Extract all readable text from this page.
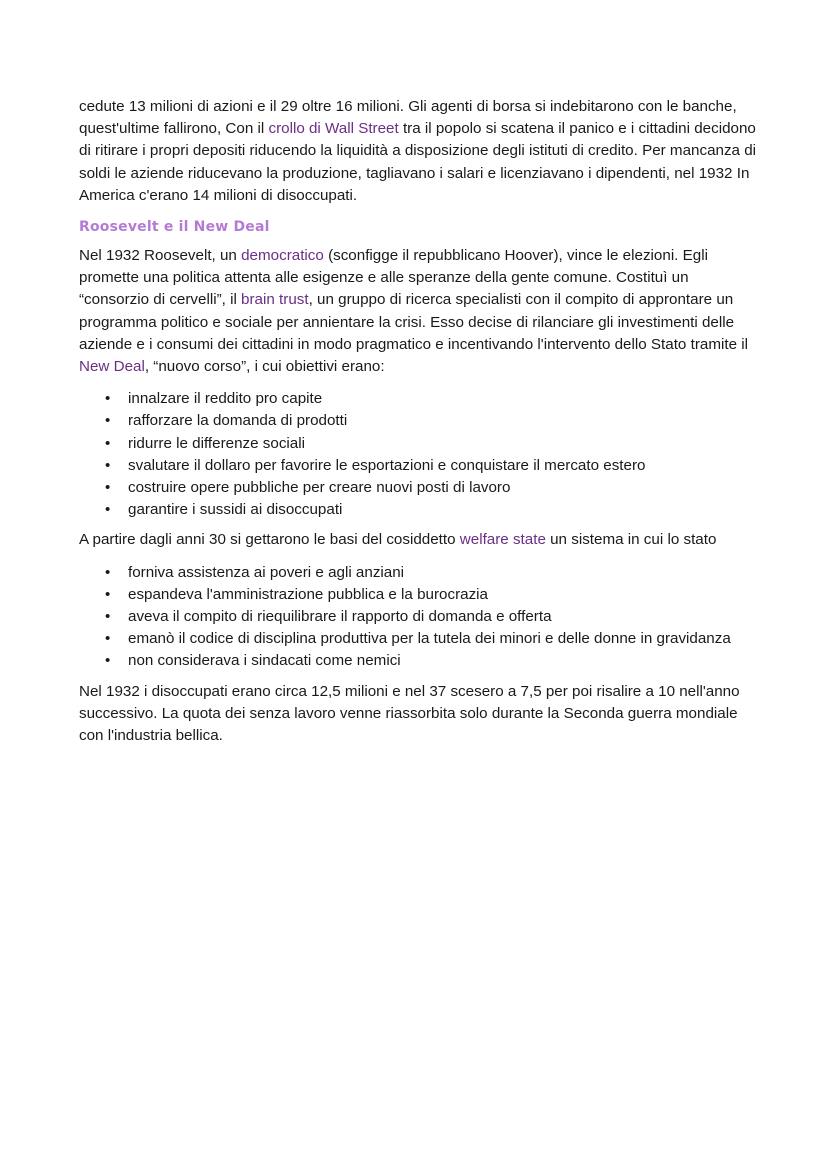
cedute 13 milioni di azioni e il 29 oltre 16 milioni. Gli agenti di borsa si indebitarono con le banche, quest'ultime fallirono, Con il crollo di Wall Street tra il popolo si scatena il panico e i cittadini decidono di ritirare i propri depositi riducendo la liquidità a disposizione degli istituti di credito. Per mancanza di soldi le aziende riducevano la produzione, tagliavano i salari e licenziavano i dipendenti, nel 1932 In America c'erano 14 milioni di disoccupati.

Roosevelt e il New Deal

Nel 1932 Roosevelt, un democratico (sconfigge il repubblicano Hoover), vince le elezioni. Egli promette una politica attenta alle esigenze e alle speranze della gente comune. Costituì un “consorzio di cervelli”, il brain trust, un gruppo di ricerca specialisti con il compito di approntare un programma politico e sociale per annientare la crisi. Esso decise di rilanciare gli investimenti delle aziende e i consumi dei cittadini in modo pragmatico e incentivando l'intervento dello Stato tramite il New Deal, “nuovo corso”, i cui obiettivi erano:

• innalzare il reddito pro capite
• rafforzare la domanda di prodotti
• ridurre le differenze sociali
• svalutare il dollaro per favorire le esportazioni e conquistare il mercato estero
• costruire opere pubbliche per creare nuovi posti di lavoro
• garantire i sussidi ai disoccupati

A partire dagli anni 30 si gettarono le basi del cosiddetto welfare state un sistema in cui lo stato

• forniva assistenza ai poveri e agli anziani
• espandeva l'amministrazione pubblica e la burocrazia
• aveva il compito di riequilibrare il rapporto di domanda e offerta
• emanò il codice di disciplina produttiva per la tutela dei minori e delle donne in gravidanza
• non considerava i sindacati come nemici

Nel 1932 i disoccupati erano circa 12,5 milioni e nel 37 scesero a 7,5 per poi risalire a 10 nell'anno successivo. La quota dei senza lavoro venne riassorbita solo durante la Seconda guerra mondiale con l'industria bellica.
